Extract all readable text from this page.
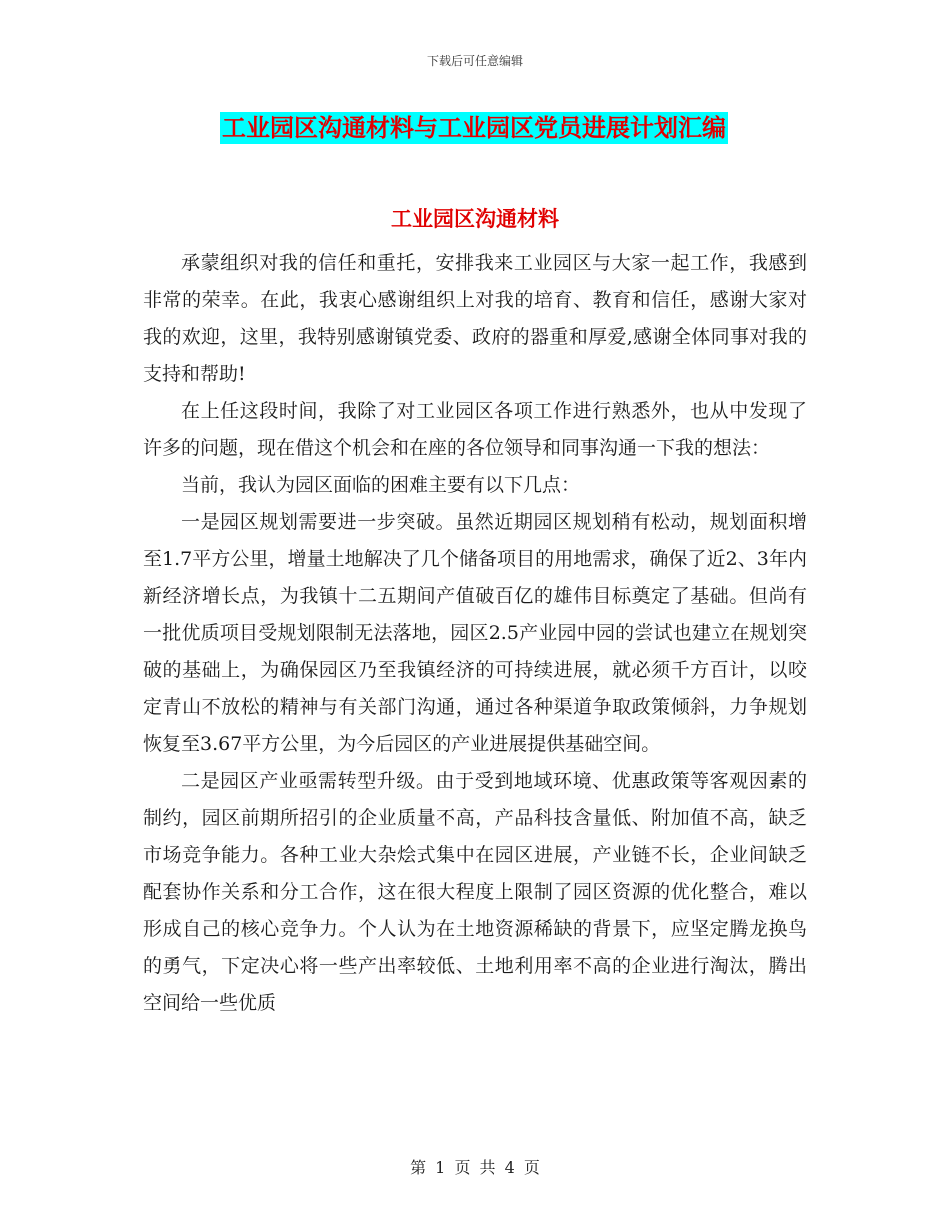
下载后可任意编辑
工业园区沟通材料与工业园区党员进展计划汇编
工业园区沟通材料

承蒙组织对我的信任和重托，安排我来工业园区与大家一起工作，我感到非常的荣幸。在此，我衷心感谢组织上对我的培育、教育和信任，感谢大家对我的欢迎，这里，我特别感谢镇党委、政府的器重和厚爱,感谢全体同事对我的支持和帮助!

在上任这段时间，我除了对工业园区各项工作进行熟悉外，也从中发现了许多的问题，现在借这个机会和在座的各位领导和同事沟通一下我的想法：

当前，我认为园区面临的困难主要有以下几点：

一是园区规划需要进一步突破。虽然近期园区规划稍有松动，规划面积增至1.7平方公里，增量土地解决了几个储备项目的用地需求，确保了近2、3年内新经济增长点，为我镇十二五期间产值破百亿的雄伟目标奠定了基础。但尚有一批优质项目受规划限制无法落地，园区2.5产业园中园的尝试也建立在规划突破的基础上，为确保园区乃至我镇经济的可持续进展，就必须千方百计，以咬定青山不放松的精神与有关部门沟通，通过各种渠道争取政策倾斜，力争规划恢复至3.67平方公里，为今后园区的产业进展提供基础空间。

二是园区产业亟需转型升级。由于受到地域环境、优惠政策等客观因素的制约，园区前期所招引的企业质量不高，产品科技含量低、附加值不高，缺乏市场竞争能力。各种工业大杂烩式集中在园区进展，产业链不长，企业间缺乏配套协作关系和分工合作，这在很大程度上限制了园区资源的优化整合，难以形成自己的核心竞争力。个人认为在土地资源稀缺的背景下，应坚定腾龙换鸟的勇气，下定决心将一些产出率较低、土地利用率不高的企业进行淘汰，腾出空间给一些优质

第 1 页 共 4 页
